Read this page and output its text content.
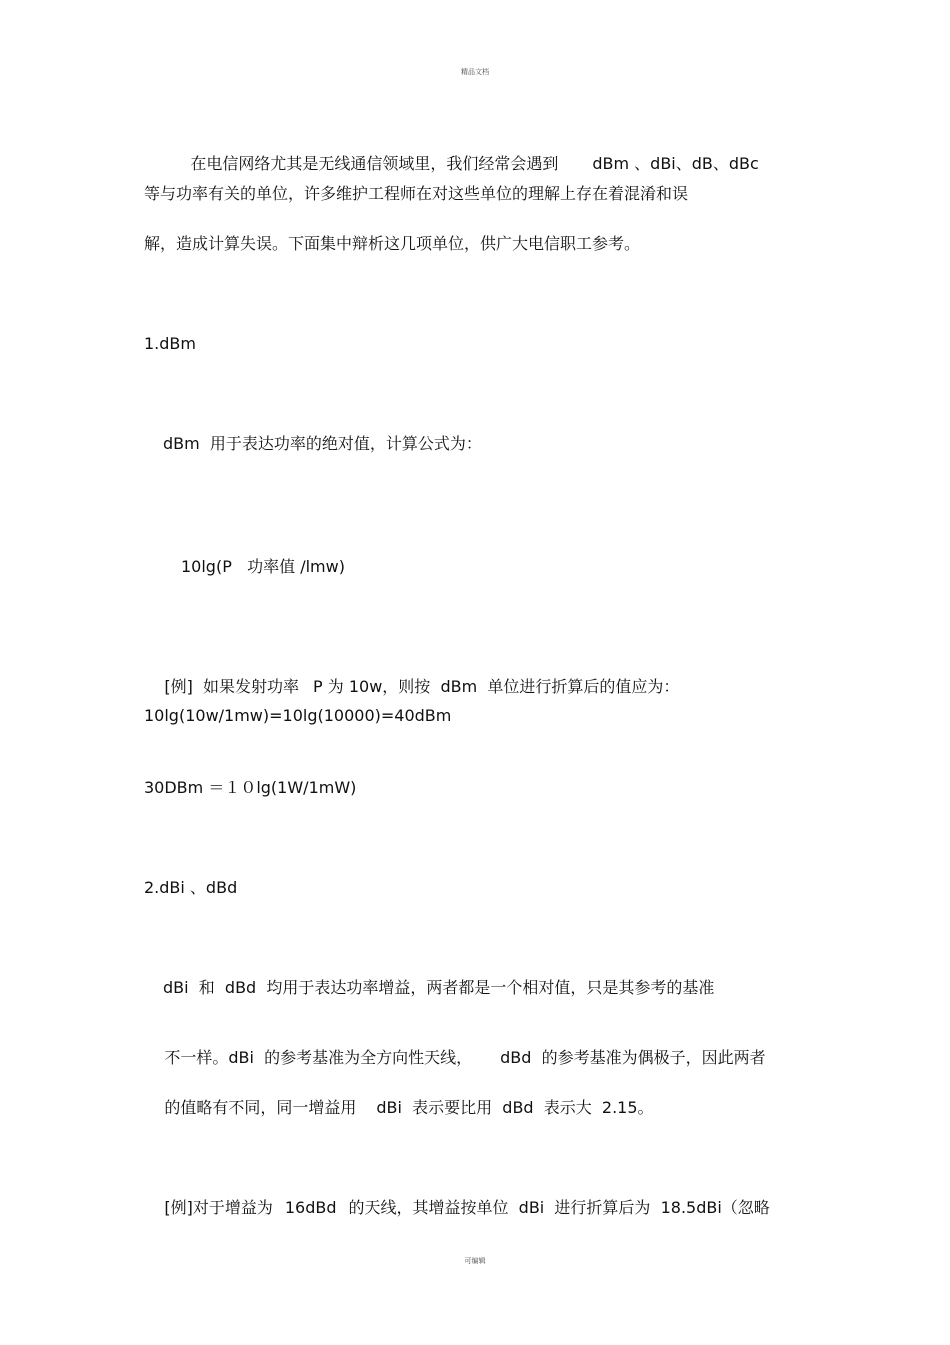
精品文档

在电信网络尤其是无线通信领域里，我们经常会遇到 dBm 、dBi、dB、dBc

等与功率有关的单位，许多维护工程师在对这些单位的理解上存在着混淆和误
解，造成计算失误。下面集中辩析这几项单位，供广大电信职工参考。
1.dBm
dBm  用于表达功率的绝对值，计算公式为：
10lg(P   功率值 /lmw)

[例]  如果发射功率 P 为 10w，则按  dBm  单位进行折算后的值应为：

10lg(10w/1mw)=10lg(10000)=40dBm
30DBm ＝１０lg(1W/1mW)
2.dBi 、dBd
dBi  和  dBd  均用于表达功率增益，两者都是一个相对值，只是其参考的基准

不一样。dBi  的参考基准为全方向性天线， dBd  的参考基准为偶极子，因此两者

的值略有不同，同一增益用 dBi  表示要比用  dBd  表示大  2.15。

[例]对于增益为 16dBd 的天线，其增益按单位  dBi  进行折算后为  18.5dBi（忽略

可编辑
